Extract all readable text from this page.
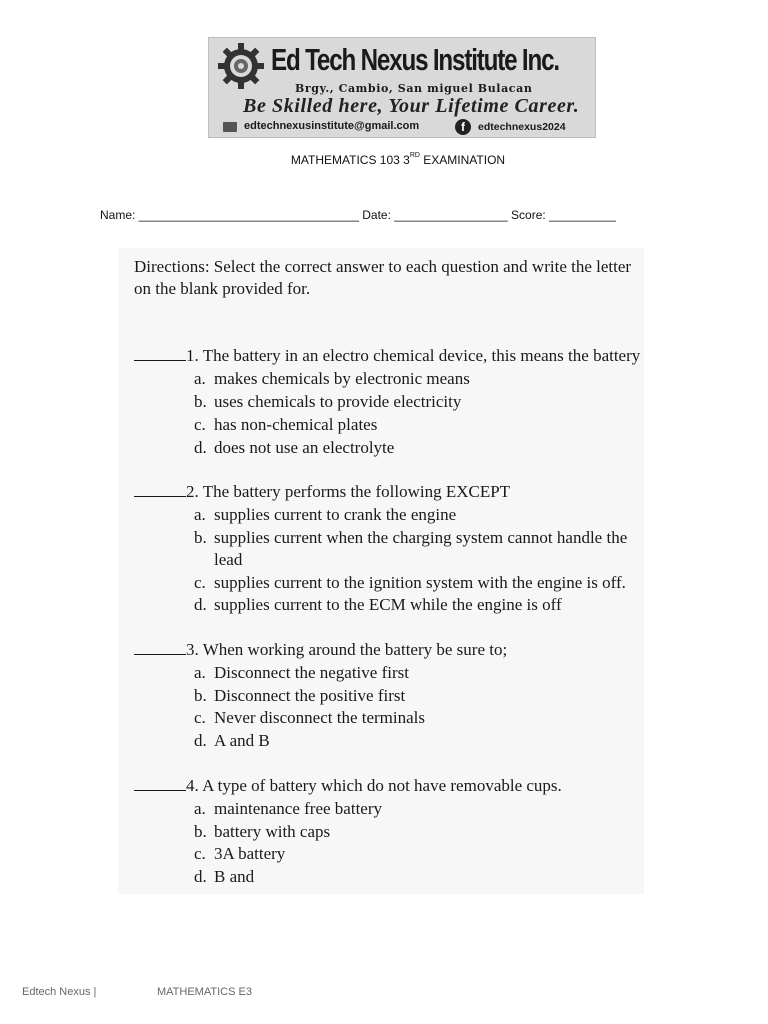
Ed Tech Nexus Institute Inc.
Brgy., Cambio, San miguel Bulacan
Be Skilled here, Your Lifetime Career.
edtechnexusinstitute@gmail.com	f	edtechnexus2024
MATHEMATICS 103 3RD EXAMINATION
Name: _________________________________ Date: _________________ Score: __________
Directions: Select the correct answer to each question and write the letter on the blank provided for.
1. The battery in an electro chemical device, this means the battery
a. makes chemicals by electronic means
b. uses chemicals to provide electricity
c. has non-chemical plates
d. does not use an electrolyte
2. The battery performs the following EXCEPT
a. supplies current to crank the engine
b. supplies current when the charging system cannot handle the
lead
c. supplies current to the ignition system with the engine is off.
d. supplies current to the ECM while the engine is off
3. When working around the battery be sure to;
a. Disconnect the negative first
b. Disconnect the positive first
c. Never disconnect the terminals
d. A and B
4. A type of battery which do not have removable cups.
a. maintenance free battery
b. battery with caps
c. 3A battery
d. B and
Edtech Nexus |	MATHEMATICS E3
